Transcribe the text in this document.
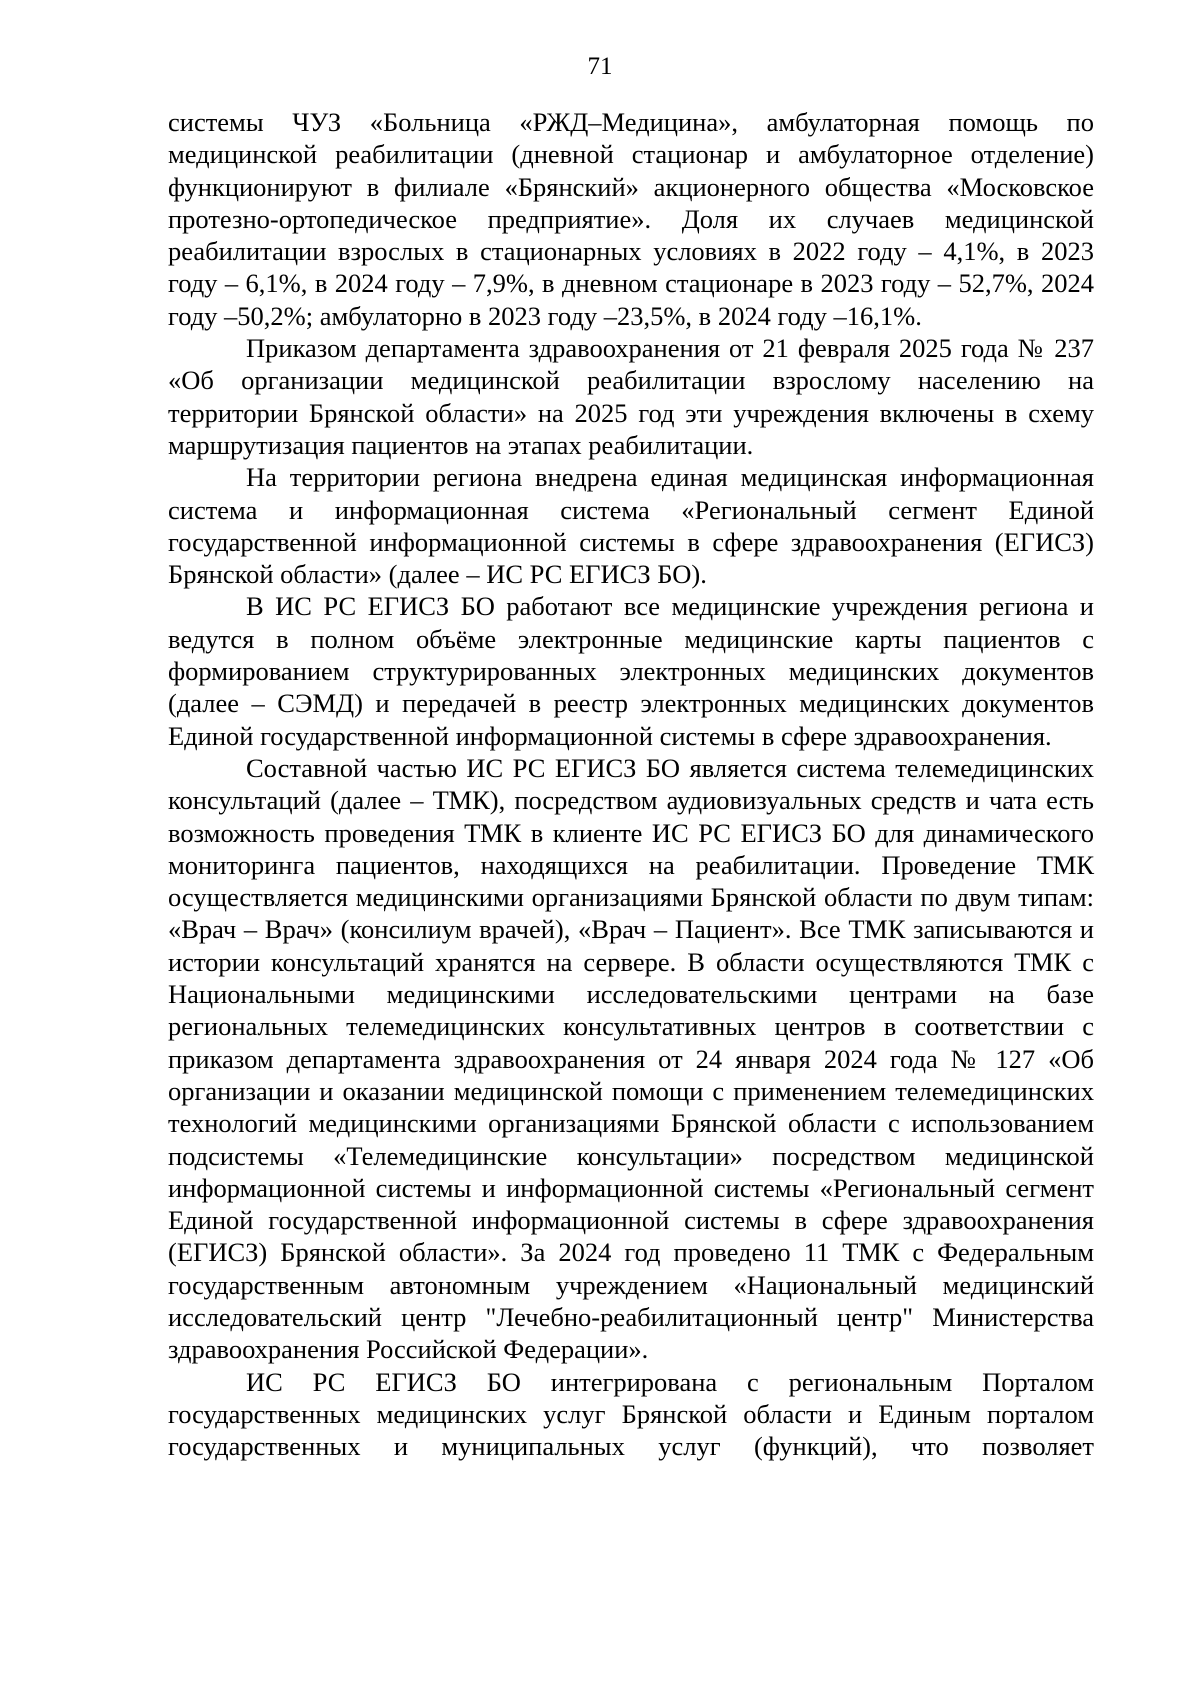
71

системы ЧУЗ «Больница «РЖД–Медицина», амбулаторная помощь по медицинской реабилитации (дневной стационар и амбулаторное отделение) функционируют в филиале «Брянский» акционерного общества «Московское протезно-ортопедическое предприятие». Доля их случаев медицинской реабилитации взрослых в стационарных условиях в 2022 году – 4,1%, в 2023 году – 6,1%, в 2024 году – 7,9%, в дневном стационаре в 2023 году – 52,7%, 2024 году –50,2%; амбулаторно в 2023 году –23,5%, в 2024 году –16,1%.

Приказом департамента здравоохранения от 21 февраля 2025 года № 237 «Об организации медицинской реабилитации взрослому населению на территории Брянской области» на 2025 год эти учреждения включены в схему маршрутизация пациентов на этапах реабилитации.

На территории региона внедрена единая медицинская информационная система и информационная система «Региональный сегмент Единой государственной информационной системы в сфере здравоохранения (ЕГИСЗ) Брянской области» (далее – ИС РС ЕГИСЗ БО).

В ИС РС ЕГИСЗ БО работают все медицинские учреждения региона и ведутся в полном объёме электронные медицинские карты пациентов с формированием структурированных электронных медицинских документов (далее – СЭМД) и передачей в реестр электронных медицинских документов Единой государственной информационной системы в сфере здравоохранения.

Составной частью ИС РС ЕГИСЗ БО является система телемедицинских консультаций (далее – ТМК), посредством аудиовизуальных средств и чата есть возможность проведения ТМК в клиенте ИС РС ЕГИСЗ БО для динамического мониторинга пациентов, находящихся на реабилитации. Проведение ТМК осуществляется медицинскими организациями Брянской области по двум типам: «Врач – Врач» (консилиум врачей), «Врач – Пациент». Все ТМК записываются и истории консультаций хранятся на сервере. В области осуществляются ТМК с Национальными медицинскими исследовательскими центрами на базе региональных телемедицинских консультативных центров в соответствии с приказом департамента здравоохранения от 24 января 2024 года № 127 «Об организации и оказании медицинской помощи с применением телемедицинских технологий медицинскими организациями Брянской области с использованием подсистемы «Телемедицинские консультации» посредством медицинской информационной системы и информационной системы «Региональный сегмент Единой государственной информационной системы в сфере здравоохранения (ЕГИСЗ) Брянской области». За 2024 год проведено 11 ТМК с Федеральным государственным автономным учреждением «Национальный медицинский исследовательский центр "Лечебно-реабилитационный центр" Министерства здравоохранения Российской Федерации».

ИС РС ЕГИСЗ БО интегрирована с региональным Порталом государственных медицинских услуг Брянской области и Единым порталом государственных и муниципальных услуг (функций), что позволяет
